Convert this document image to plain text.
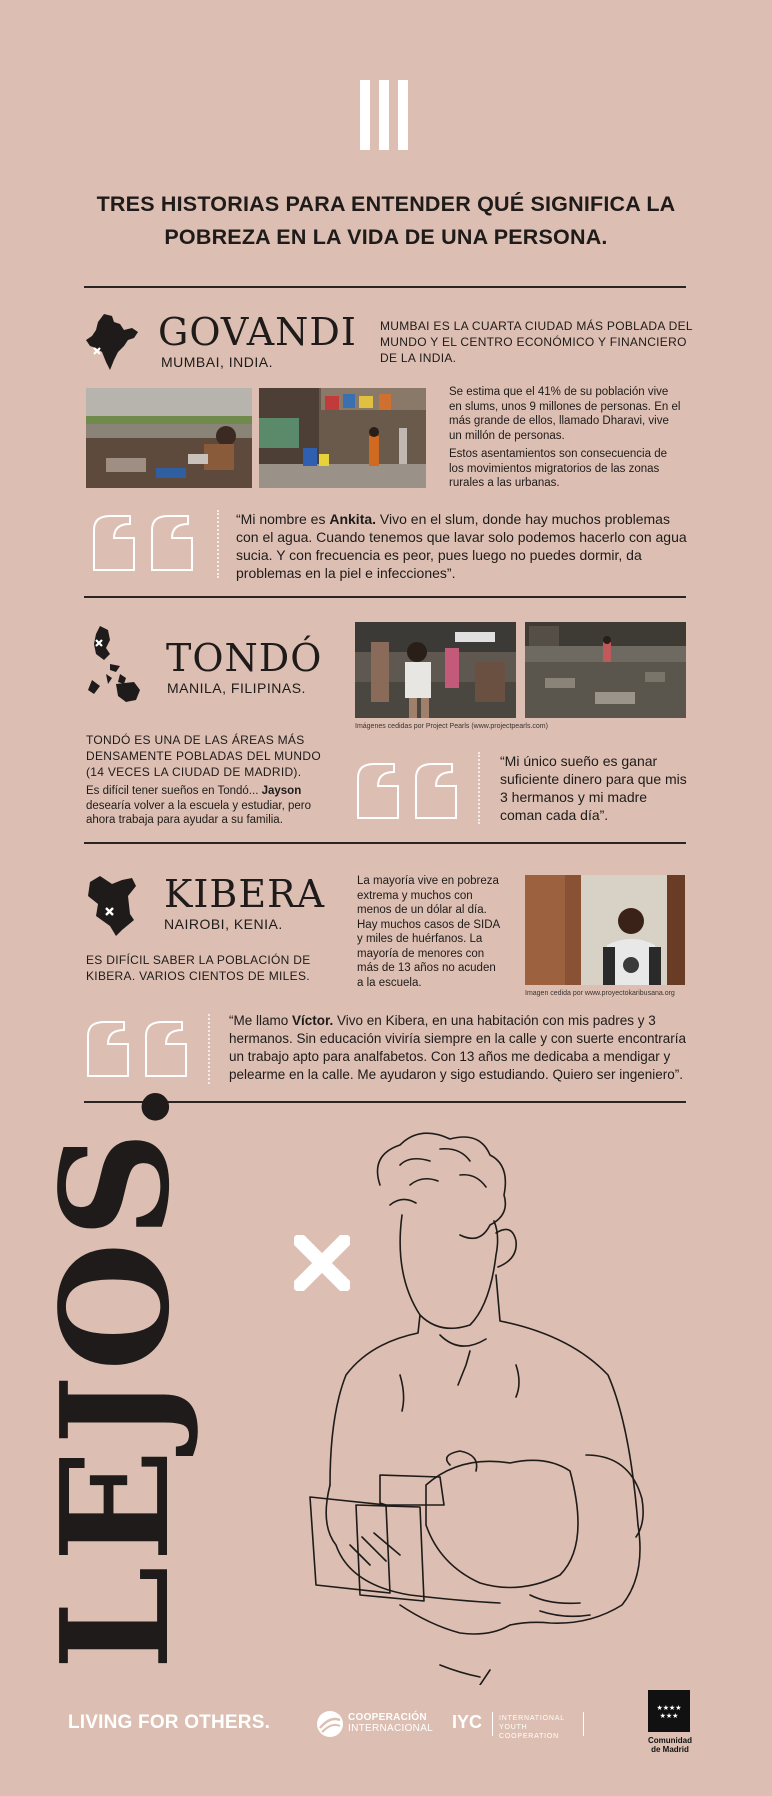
TRES HISTORIAS PARA ENTENDER QUÉ SIGNIFICA LA
POBREZA EN LA VIDA DE UNA PERSONA.
GOVANDI
MUMBAI, INDIA.
MUMBAI ES LA CUARTA CIUDAD MÁS POBLADA DEL
MUNDO Y EL CENTRO ECONÓMICO Y FINANCIERO
DE LA INDIA.
Se estima que el 41% de su población vive
en slums, unos 9 millones de personas. En el
más grande de ellos, llamado Dharavi, vive
un millón de personas.
Estos asentamientos son consecuencia de
los movimientos migratorios de las zonas
rurales a las urbanas.
“Mi nombre es Ankita. Vivo en el slum, donde hay muchos problemas
con el agua. Cuando tenemos que lavar solo podemos hacerlo con agua
sucia. Y con frecuencia es peor, pues luego no puedes dormir, da
problemas en la piel e infecciones”.
TONDÓ
MANILA, FILIPINAS.
Imágenes cedidas por Project Pearls (www.projectpearls.com)
TONDÓ ES UNA DE LAS ÁREAS MÁS
DENSAMENTE POBLADAS DEL MUNDO
(14 VECES LA CIUDAD DE MADRID).
Es difícil tener sueños en Tondó... Jayson
desearía volver a la escuela y estudiar, pero
ahora trabaja para ayudar a su familia.
“Mi único sueño es ganar
suficiente dinero para que mis
3 hermanos y mi madre
coman cada día”.
KIBERA
NAIROBI, KENIA.
ES DIFÍCIL SABER LA POBLACIÓN DE
KIBERA. VARIOS CIENTOS DE MILES.
La mayoría vive en pobreza
extrema y muchos con
menos de un dólar al día.
Hay muchos casos de SIDA
y miles de huérfanos. La
mayoría de menores con
más de 13 años no acuden
a la escuela.
Imagen cedida por www.proyectokaribusana.org
“Me llamo Víctor. Vivo en Kibera, en una habitación con mis padres y 3
hermanos. Sin educación viviría siempre en la calle y con suerte encontraría
un trabajo apto para analfabetos. Con 13 años me dedicaba a mendigar y
pelearme en la calle. Me ayudaron y sigo estudiando. Quiero ser ingeniero”.
LEJOS.
LIVING FOR OTHERS.	COOPERACIÓN
INTERNACIONAL IYC INTERNATIONAL
YOUTH COOPERATION
★★★★
★★★
Comunidad
de Madrid
